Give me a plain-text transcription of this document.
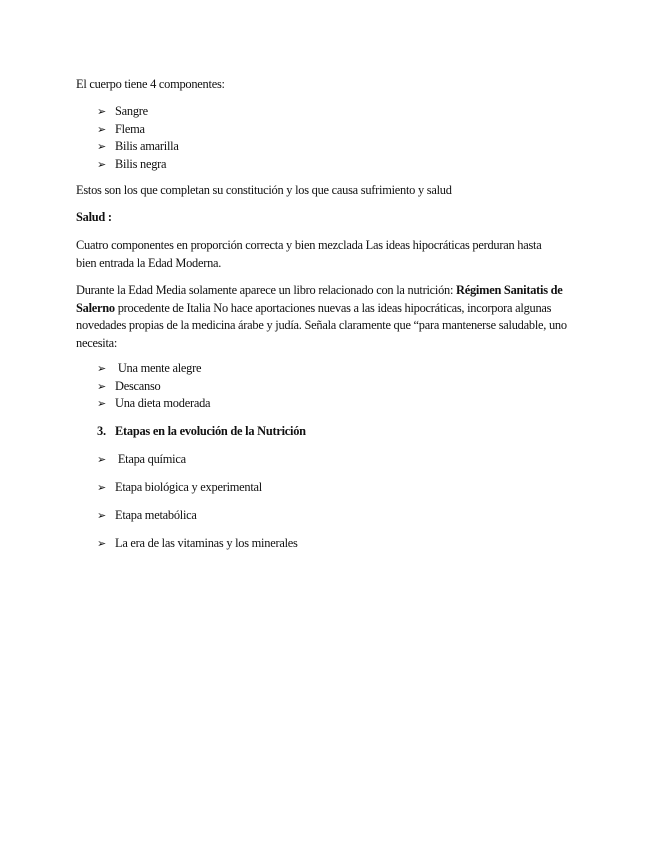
El cuerpo tiene 4 componentes:

➢ Sangre
➢ Flema
➢ Bilis amarilla
➢ Bilis negra

Estos son los que completan su constitución y los que causa sufrimiento y salud

Salud :

Cuatro componentes en proporción correcta y bien mezclada Las ideas hipocráticas perduran hasta bien entrada la Edad Moderna.

Durante la Edad Media solamente aparece un libro relacionado con la nutrición: Régimen Sanitatis de Salerno procedente de Italia No hace aportaciones nuevas a las ideas hipocráticas, incorpora algunas novedades propias de la medicina árabe y judía. Señala claramente que “para mantenerse saludable, uno necesita:

➢ Una mente alegre
➢ Descanso
➢ Una dieta moderada

3. Etapas en la evolución de la Nutrición

➢ Etapa química

➢ Etapa biológica y experimental

➢ Etapa metabólica

➢ La era de las vitaminas y los minerales
